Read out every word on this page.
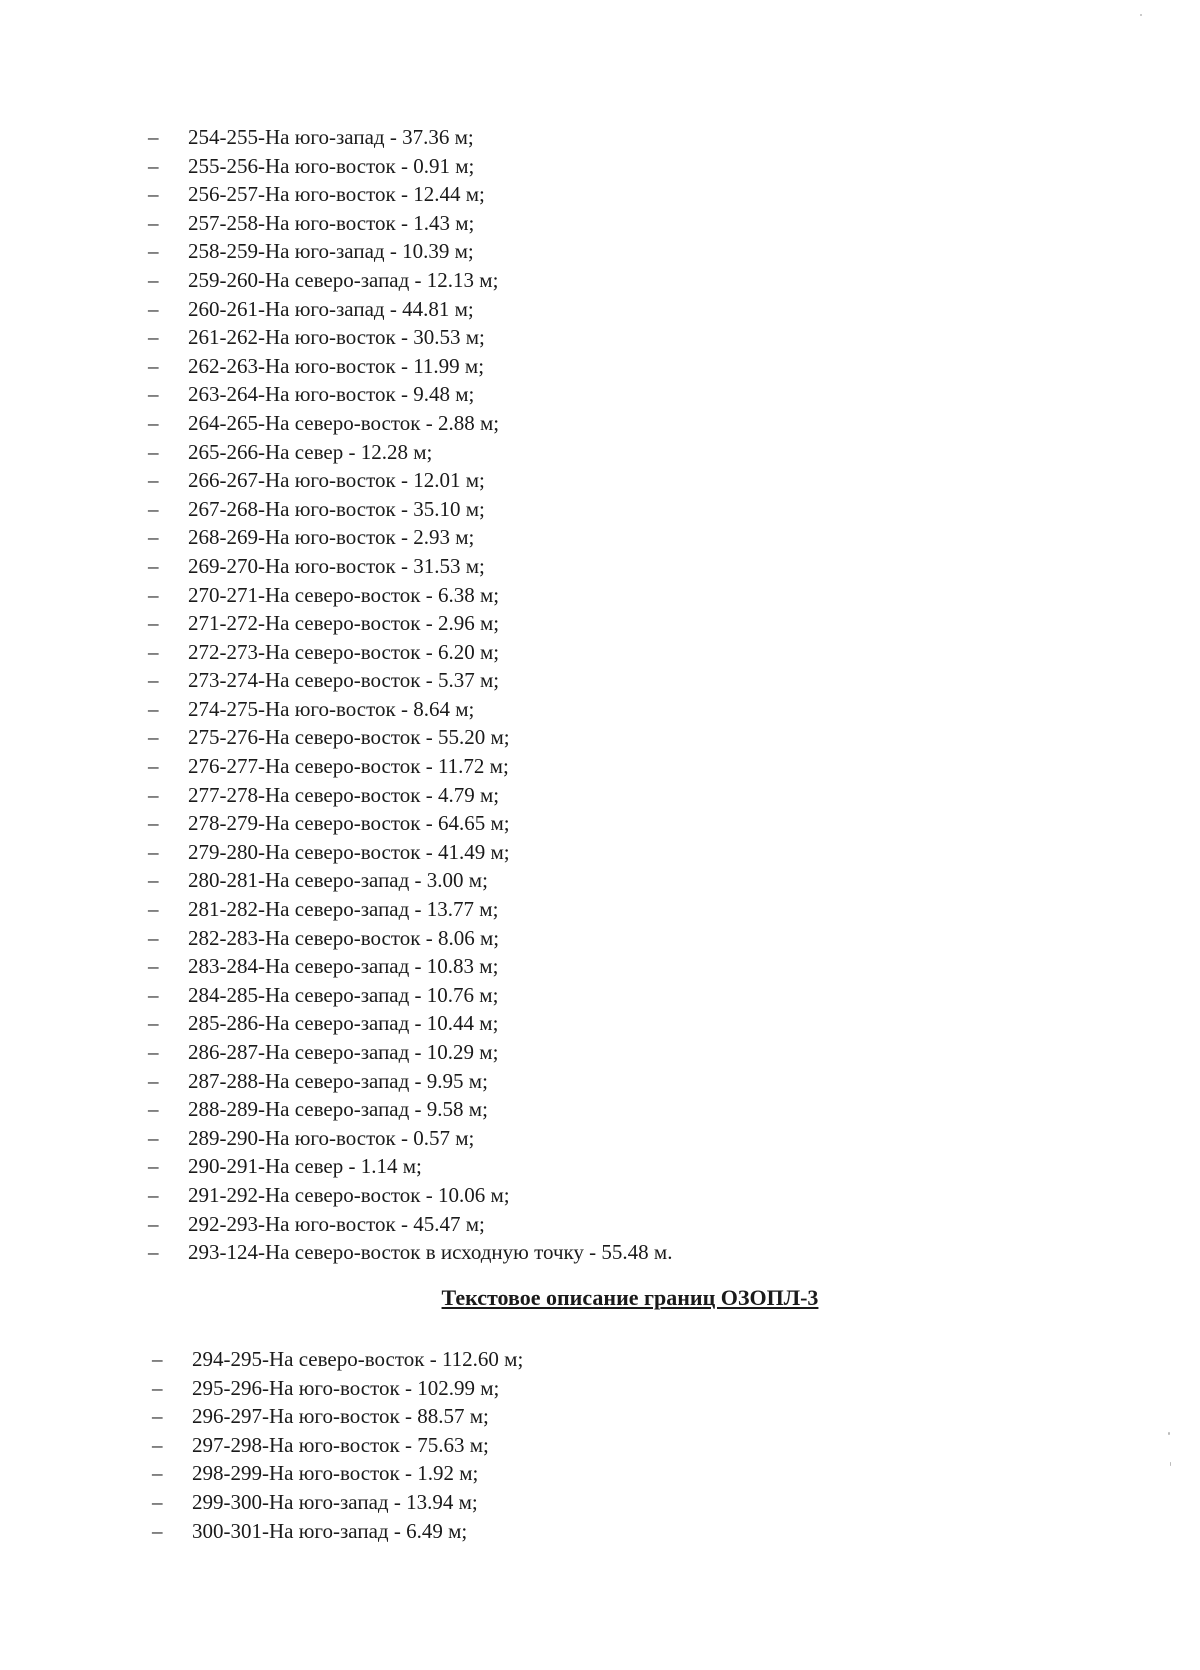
–	254-255-На юго-запад - 37.36 м;
–	255-256-На юго-восток - 0.91 м;
–	256-257-На юго-восток - 12.44 м;
–	257-258-На юго-восток - 1.43 м;
–	258-259-На юго-запад - 10.39 м;
–	259-260-На северо-запад - 12.13 м;
–	260-261-На юго-запад - 44.81 м;
–	261-262-На юго-восток - 30.53 м;
–	262-263-На юго-восток - 11.99 м;
–	263-264-На юго-восток - 9.48 м;
–	264-265-На северо-восток - 2.88 м;
–	265-266-На север - 12.28 м;
–	266-267-На юго-восток - 12.01 м;
–	267-268-На юго-восток - 35.10 м;
–	268-269-На юго-восток - 2.93 м;
–	269-270-На юго-восток - 31.53 м;
–	270-271-На северо-восток - 6.38 м;
–	271-272-На северо-восток - 2.96 м;
–	272-273-На северо-восток - 6.20 м;
–	273-274-На северо-восток - 5.37 м;
–	274-275-На юго-восток - 8.64 м;
–	275-276-На северо-восток - 55.20 м;
–	276-277-На северо-восток - 11.72 м;
–	277-278-На северо-восток - 4.79 м;
–	278-279-На северо-восток - 64.65 м;
–	279-280-На северо-восток - 41.49 м;
–	280-281-На северо-запад - 3.00 м;
–	281-282-На северо-запад - 13.77 м;
–	282-283-На северо-восток - 8.06 м;
–	283-284-На северо-запад - 10.83 м;
–	284-285-На северо-запад - 10.76 м;
–	285-286-На северо-запад - 10.44 м;
–	286-287-На северо-запад - 10.29 м;
–	287-288-На северо-запад - 9.95 м;
–	288-289-На северо-запад - 9.58 м;
–	289-290-На юго-восток - 0.57 м;
–	290-291-На север - 1.14 м;
–	291-292-На северо-восток - 10.06 м;
–	292-293-На юго-восток - 45.47 м;
–	293-124-На северо-восток в исходную точку - 55.48 м.
Текстовое описание границ ОЗОПЛ-3
–	294-295-На северо-восток - 112.60 м;
–	295-296-На юго-восток - 102.99 м;
–	296-297-На юго-восток - 88.57 м;
–	297-298-На юго-восток - 75.63 м;
–	298-299-На юго-восток - 1.92 м;
–	299-300-На юго-запад - 13.94 м;
–	300-301-На юго-запад - 6.49 м;
